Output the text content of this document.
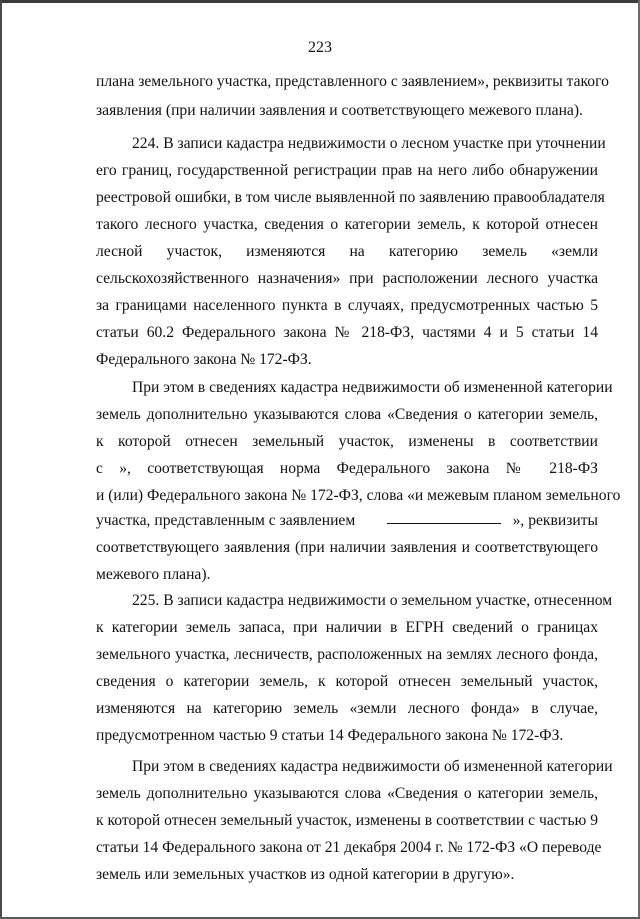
223
плана земельного участка, представленного с заявлением», реквизиты такого
заявления (при наличии заявления и соответствующего межевого плана).
224. В записи кадастра недвижимости о лесном участке при уточнении
его границ, государственной регистрации прав на него либо обнаружении
реестровой ошибки, в том числе выявленной по заявлению правообладателя
такого лесного участка, сведения о категории земель, к которой отнесен
лесной участок, изменяются на категорию земель «земли
сельскохозяйственного назначения» при расположении лесного участка
за границами населенного пункта в случаях, предусмотренных частью 5
статьи 60.2 Федерального закона № 218-ФЗ, частями 4 и 5 статьи 14
Федерального закона № 172-ФЗ.
При этом в сведениях кадастра недвижимости об измененной категории
земель дополнительно указываются слова «Сведения о категории земель,
к которой отнесен земельный участок, изменены в соответствии
с », соответствующая норма Федерального закона № 218-ФЗ
и (или) Федерального закона № 172-ФЗ, слова «и межевым планом земельного
участка, представленным с заявлением	», реквизиты
соответствующего заявления (при наличии заявления и соответствующего
межевого плана).
225. В записи кадастра недвижимости о земельном участке, отнесенном
к категории земель запаса, при наличии в ЕГРН сведений о границах
земельного участка, лесничеств, расположенных на землях лесного фонда,
сведения о категории земель, к которой отнесен земельный участок,
изменяются на категорию земель «земли лесного фонда» в случае,
предусмотренном частью 9 статьи 14 Федерального закона № 172-ФЗ.
При этом в сведениях кадастра недвижимости об измененной категории
земель дополнительно указываются слова «Сведения о категории земель,
к которой отнесен земельный участок, изменены в соответствии с частью 9
статьи 14 Федерального закона от 21 декабря 2004 г. № 172-ФЗ «О переводе
земель или земельных участков из одной категории в другую».
